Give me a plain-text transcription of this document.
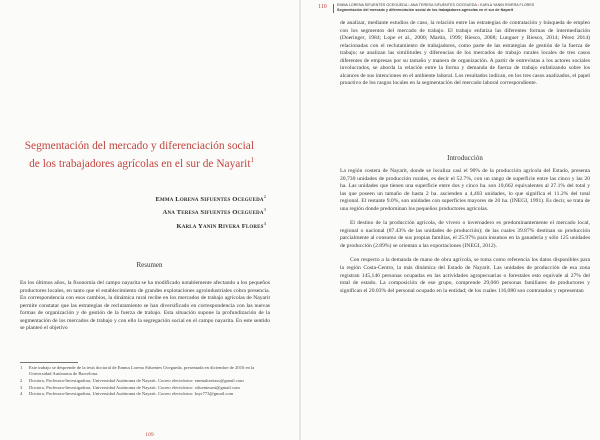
Segmentación del mercado y diferenciación social de los trabajadores agrícolas en el sur de Nayarit$^1$
Emma Lorena Sifuentes Ocegueda$^2$
Ana Teresa Sifuentes Ocegueda$^3$
Karla Yanin Rivera Flores$^4$
Resumen

En los últimos años, la fisonomía del campo nayarita se ha modificado notablemente afectando a los pequeños productores locales, en tanto que el establecimiento de grandes explotaciones agroindustriales cobra presencia. En correspondencia con esos cambios, la dinámica rural recibe en los mercados de trabajo agrícolas de Nayarit permite constatar que las estrategias de reclutamiento se han diversificado en correspondencia con las nuevas formas de organización y de gestión de la fuerza de trabajo. Esta situación supone la profundización de la segmentación de los mercados de trabajo y con ello la segregación social en el campo nayarita. En este sentido se planteó el objetivo

1 Este trabajo se desprende de la tesis doctoral de Emma Lorena Sifuentes Ocegueda, presentada en diciembre de 2016 en la Universidad Autónoma de Barcelona.
2 Doctora, Profesora-Investigadora, Universidad Autónoma de Nayarit. Correo electrónico: emmaloreiass@gmail.com
3 Doctora, Profesora-Investigadora, Universidad Autónoma de Nayarit. Correo electrónico: sifuentesast@gmail.com
4 Doctora, Profesora-Investigadora, Universidad Autónoma de Nayarit. Correo electrónico: ksyr773@gmail.com
109
110	EMMA LORENA SIFUENTES OCEGUEDA • ANA TERESA SIFUENTES OCEGUEDA • KARLA YANIN RIVERA FLORES
Segmentación del mercado y diferenciación social de los trabajadores agrícolas en el sur de Nayarit

de analizar, mediante estudios de caso, la relación entre las estrategias de contratación y búsqueda de empleo con los segmentos del mercado de trabajo. El trabajo enfatiza las diferentes formas de intermediación (Doeringer, 1984; Lope et al., 2000; Martín, 1999; Riesco, 2008; Lunguer y Riesco, 2014; Pérez 2014) relacionadas con el reclutamiento de trabajadores, como parte de las estrategias de gestión de la fuerza de trabajo; se analizan las similitudes y diferencias de los mercados de trabajo rurales locales de tres casos diferentes de empresas por su tamaño y manera de organización. A partir de entrevistas a los actores sociales involucrados, se aborda la relación entre la forma y demanda de fuerza de trabajo enfatizando sobre los alcances de sus intenciones en el ambiente laboral. Los resultados indican, en los tres casos analizados, el papel proactivo de los rasgos locales en la segmentación del mercado laboral correspondiente.

Introducción

La región costera de Nayarit, donde se localiza casi el 90% de la producción agrícola del Estado, presenta 20,730 unidades de producción rurales, es decir el 52.7%, con un rango de superficie entre las cinco y las 20 ha. Las unidades que tienen una superficie entre dos y cinco ha. son 10,662 equivalentes al 27.1% del total y las que poseen un tamaño de hasta 2 ha. ascienden a 4,403 unidades, lo que significa el 11.2% del total regional. El restante 9.0%, son unidades con superficies mayores de 20 ha. (INEGI, 1991). Es decir, se trata de una región donde predominan los pequeños productores agrícolas.

El destino de la producción agrícola, de vivero o invernadero es predominantemente el mercado local, regional o nacional (87.43% de las unidades de producción); de las cuales 39.87% destinan su producción parcialmente al consumo de sus propias familias, el 25.97% para insumos en la ganadería y sólo 125 unidades de producción (2.89%) se orientan a las exportaciones (INEGI, 2012).

Con respecto a la demanda de mano de obra agrícola, se toma como referencia los datos disponibles para la región Costa-Centro, la más dinámica del Estado de Nayarit. Las unidades de producción de esa zona registran 145,146 personas ocupadas en las actividades agropecuarias o forestales esto equivale al 27% del total de estado. La composición de ese grupo, comprende 29,066 personas familiares de productores y significan el 20.03% del personal ocupado en la entidad; de los cuales 116,080 son contratados y representan
